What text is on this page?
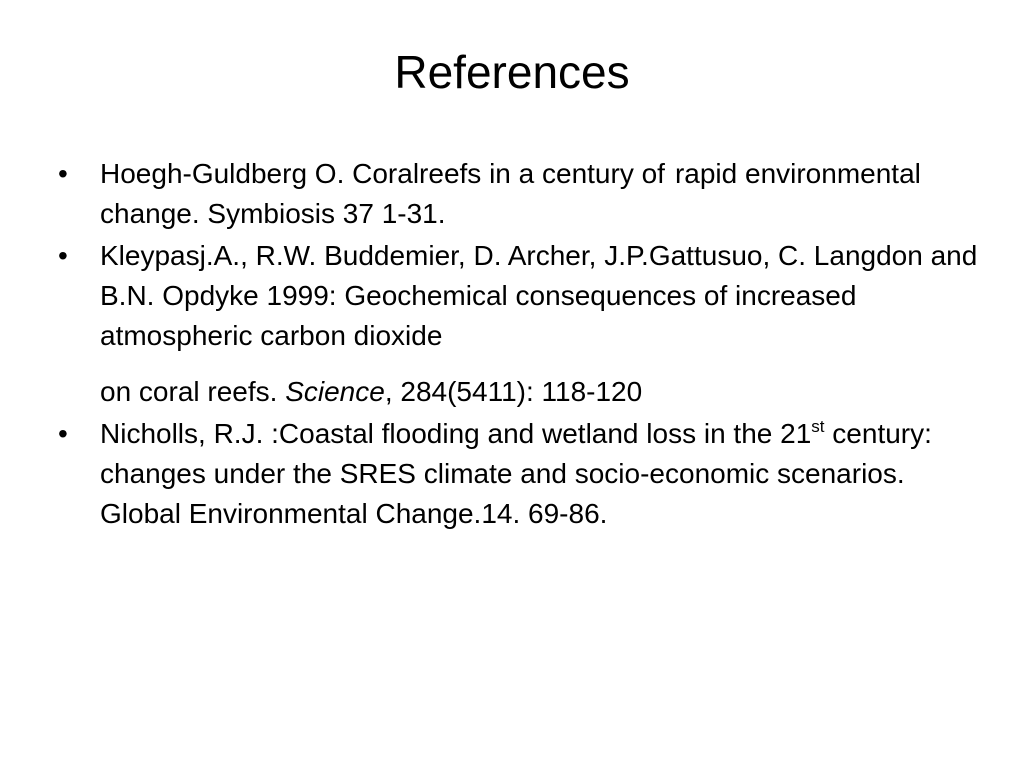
References
•	Hoegh-Guldberg O. Coralreefs in a century of rapid environmental change. Symbiosis 37 1-31.
•	Kleypasj.A., R.W. Buddemier, D. Archer, J.P.Gattusuo, C. Langdon and B.N. Opdyke 1999: Geochemical consequences of increased atmospheric carbon dioxide
on coral reefs. Science, 284(5411): 118-120
•	Nicholls, R.J. :Coastal flooding and wetland loss in the 21st century: changes under the SRES climate and socio-economic scenarios. Global Environmental Change.14. 69-86.
